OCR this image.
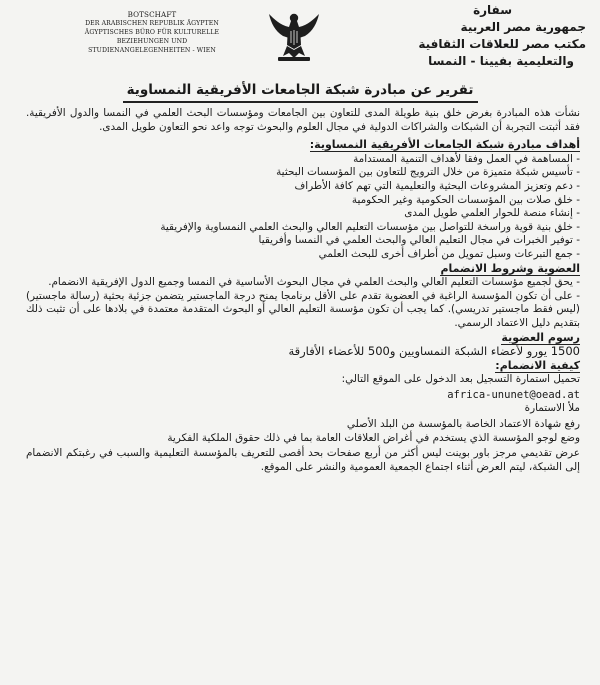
BOTSCHAFT
DER ARABISCHEN REPUBLIK ÄGYPTEN
ÄGYPTISCHES BÜRO FÜR KULTURELLE BEZIEHUNGEN UND
STUDIENANGELEGENHEITEN - WIEN
سفارة
جمهورية مصر العربية
مكتب مصر للعلاقات الثقافية
والتعليمية بفيينا - النمسا
تقرير عن مبادرة شبكة الجامعات الأفريقية النمساوية

نشأت هذه المبادرة بغرض خلق بنية طويلة المدى للتعاون بين الجامعات ومؤسسات البحث العلمي في النمسا والدول الأفريقية. فقد أثبتت التجربة أن الشبكات والشراكات الدولية في مجال العلوم والبحوث توجه واعد نحو التعاون طويل المدى.

أهداف مبادرة شبكة الجامعات الأفريقية النمساوية:

- المساهمة في العمل وفقا لأهداف التنمية المستدامة
- تأسيس شبكة متميزة من خلال الترويج للتعاون بين المؤسسات البحثية
- دعم وتعزيز المشروعات البحثية والتعليمية التي تهم كافة الأطراف
- خلق صلات بين المؤسسات الحكومية وغير الحكومية
- إنشاء منصة للحوار العلمي طويل المدى
- خلق بنية قوية وراسخة للتواصل بين مؤسسات التعليم العالي والبحث العلمي النمساوية والإفريقية
- توفير الخبرات في مجال التعليم العالي والبحث العلمي في النمسا وأفريقيا
- جمع التبرعات وسبل تمويل من أطراف أخرى للبحث العلمي

العضوية وشروط الانضمام

- يحق لجميع مؤسسات التعليم العالي والبحث العلمي في مجال البحوث الأساسية في النمسا وجميع الدول الإفريقية الانضمام.
- على أن تكون المؤسسة الراغبة في العضوية تقدم على الأقل برنامجا يمنح درجة الماجستير يتضمن جزئية بحثية (رسالة ماجستير) (ليس فقط ماجستير تدريسي). كما يجب أن تكون مؤسسة التعليم العالي أو البحوث المتقدمة معتمدة في بلادها على أن تثبت ذلك بتقديم دليل الاعتماد الرسمي.

رسوم العضوية

1500 يورو لأعضاء الشبكة النمساويين و500 للأعضاء الأفارقة

كيفية الانضمام:

تحميل استمارة التسجيل بعد الدخول على الموقع التالي:

africa-ununet@oead.at

ملأ الاستمارة

رفع شهادة الاعتماد الخاصة بالمؤسسة من البلد الأصلي

وضع لوجو المؤسسة الذي يستخدم في أغراض العلاقات العامة بما في ذلك حقوق الملكية الفكرية

عرض تقديمي مرجز باور بوينت ليس أكثر من أربع صفحات بحد أقصى للتعريف بالمؤسسة التعليمية والسبب في رغبتكم الانضمام إلى الشبكة، ليتم العرض أثناء اجتماع الجمعية العمومية والنشر على الموقع.
